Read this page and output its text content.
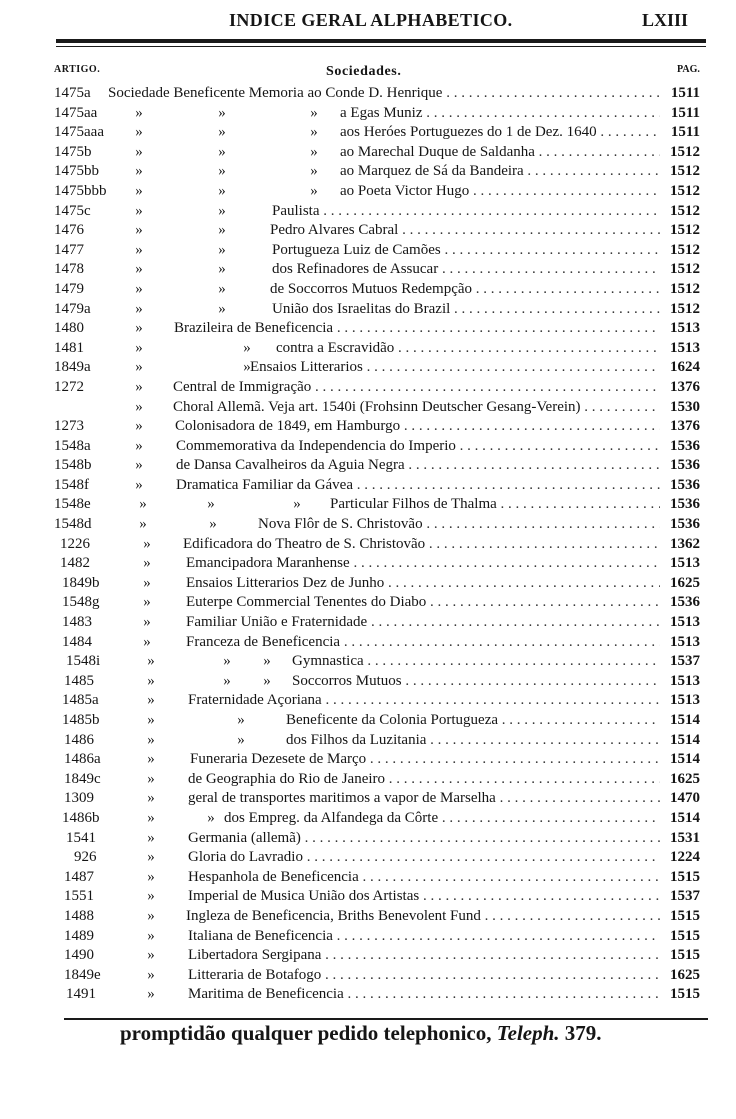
INDICE GERAL ALPHABETICO.	LXIII
ARTIGO.	Sociedades.	PAG.
1475a Sociedade Beneficente Memoria ao Conde D. Henrique . . .	1511
1475aa	»	»	» a Egas Muniz . . .	1511
1475aaa »	»	» aos Heróes Portuguezes do 1 de Dez. 1640 . . .	1511
1475b	»	»	» ao Marechal Duque de Saldanha . . .	1512
1475bb »	»	» ao Marquez de Sá da Bandeira . . .	1512
1475bbb »	»	» ao Poeta Victor Hugo . . .	1512
1475c	»	»	Paulista . . .	1512
1476	»	»	Pedro Alvares Cabral . . .	1512
1477	»	»	Portugueza Luiz de Camões . . .	1512
1478	»	»	dos Refinadores de Assucar . . .	1512
1479	»	»	de Soccorros Mutuos Redempção . . .	1512
1479a	»	»	União dos Israelitas do Brazil . . .	1512
1480	» Brazileira de Beneficencia . . .	1513
1481	»	» contra a Escravidão . . .	1513
1849a	»	» Ensaios Litterarios . . .	1624
1272	» Central de Immigração . . .	1376
» Choral Allemã. Veja art. 1540i (Frohsinn Deutscher Gesang-Verein) . . .	1530
1273	» Colonisadora de 1849, em Hamburgo . . .	1376
1548a	» Commemorativa da Independencia do Imperio . . .	1536
1548b	» de Dansa Cavalheiros da Aguia Negra . . .	1536
1548f	» Dramatica Familiar da Gávea . . .	1536
1548e	»	»	» Particular Filhos de Thalma . . .	1536
1548d	»	»	Nova Flôr de S. Christovão . . .	1536
1226	» Edificadora do Theatro de S. Christovão . . .	1362
1482	» Emancipadora Maranhense . . .	1513
1849b	» Ensaios Litterarios Dez de Junho . . .	1625
1548g	» Euterpe Commercial Tenentes do Diabo . . .	1536
1483	» Familiar União e Fraternidade . . .	1513
1484	» Franceza de Beneficencia . . .	1513
1548i	»	» » Gymnastica . . .	1537
1485	»	» » Soccorros Mutuos . . .	1513
1485a	» Fraternidade Açoriana . . .	1513
1485b	»	»	Beneficente da Colonia Portugueza . . .	1514
1486	»	»	dos Filhos da Luzitania . . .	1514
1486a	» Funeraria Dezesete de Março . . .	1514
1849c	» de Geographia do Rio de Janeiro . . .	1625
1309	» geral de transportes maritimos a vapor de Marselha . . .	1470
1486b	»	» dos Empreg. da Alfandega da Côrte . . .	1514
1541	» Germania (allemã) . . .	1531
926	» Gloria do Lavradio . . .	1224
1487	» Hespanhola de Beneficencia . . .	1515
1551	» Imperial de Musica União dos Artistas . . .	1537
1488	» Ingleza de Beneficencia, Briths Benevolent Fund . . .	1515
1489	» Italiana de Beneficencia . . .	1515
1490	» Libertadora Sergipana . . .	1515
1849e	» Litteraria de Botafogo . . .	1625
1491	» Maritima de Beneficencia . . .	1515
promptidão qualquer pedido telephonico, Teleph. 379.
